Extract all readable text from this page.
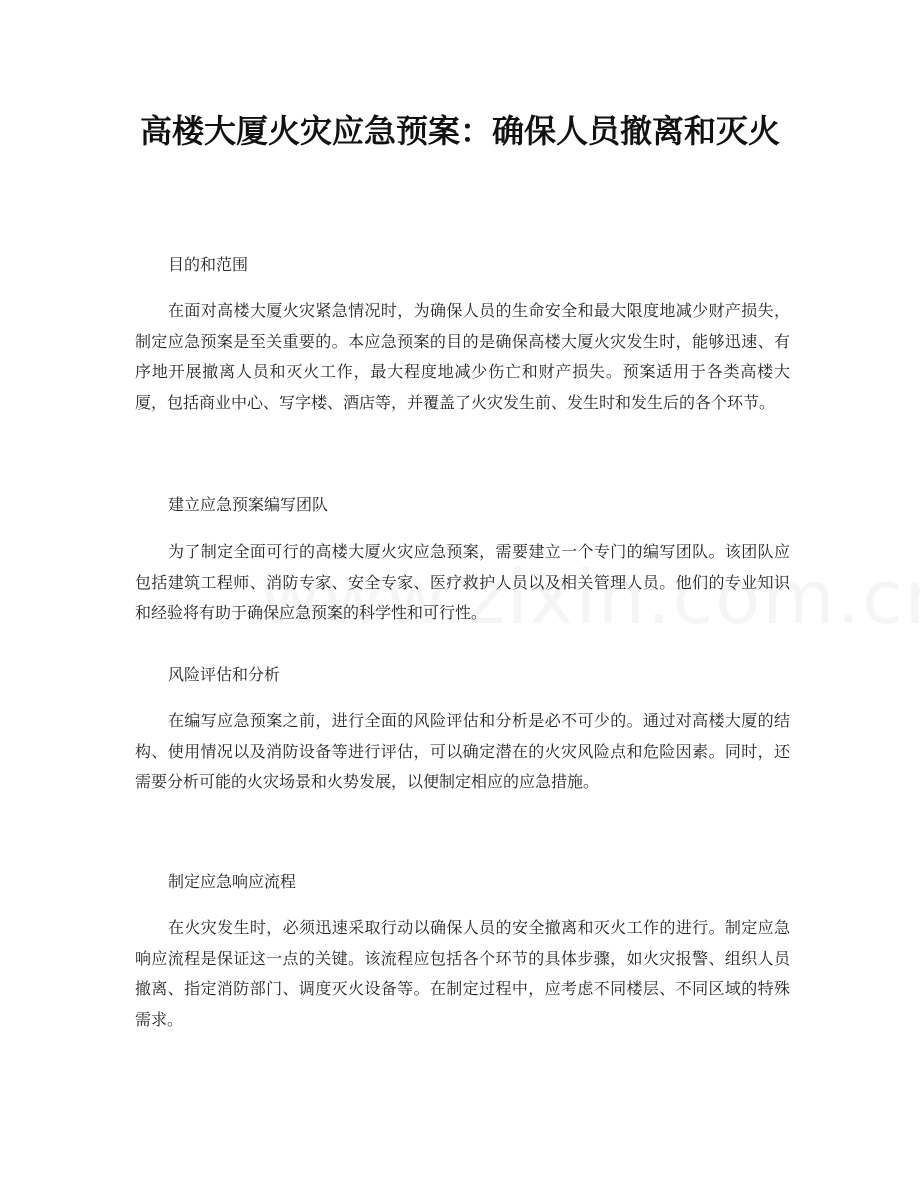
高楼大厦火灾应急预案：确保人员撤离和灭火

目的和范围

在面对高楼大厦火灾紧急情况时，为确保人员的生命安全和最大限度地减少财产损失，制定应急预案是至关重要的。本应急预案的目的是确保高楼大厦火灾发生时，能够迅速、有序地开展撤离人员和灭火工作，最大程度地减少伤亡和财产损失。预案适用于各类高楼大厦，包括商业中心、写字楼、酒店等，并覆盖了火灾发生前、发生时和发生后的各个环节。

建立应急预案编写团队

为了制定全面可行的高楼大厦火灾应急预案，需要建立一个专门的编写团队。该团队应包括建筑工程师、消防专家、安全专家、医疗救护人员以及相关管理人员。他们的专业知识和经验将有助于确保应急预案的科学性和可行性。

风险评估和分析

在编写应急预案之前，进行全面的风险评估和分析是必不可少的。通过对高楼大厦的结构、使用情况以及消防设备等进行评估，可以确定潜在的火灾风险点和危险因素。同时，还需要分析可能的火灾场景和火势发展，以便制定相应的应急措施。

制定应急响应流程

在火灾发生时，必须迅速采取行动以确保人员的安全撤离和灭火工作的进行。制定应急响应流程是保证这一点的关键。该流程应包括各个环节的具体步骤，如火灾报警、组织人员撤离、指定消防部门、调度灭火设备等。在制定过程中，应考虑不同楼层、不同区域的特殊需求。
